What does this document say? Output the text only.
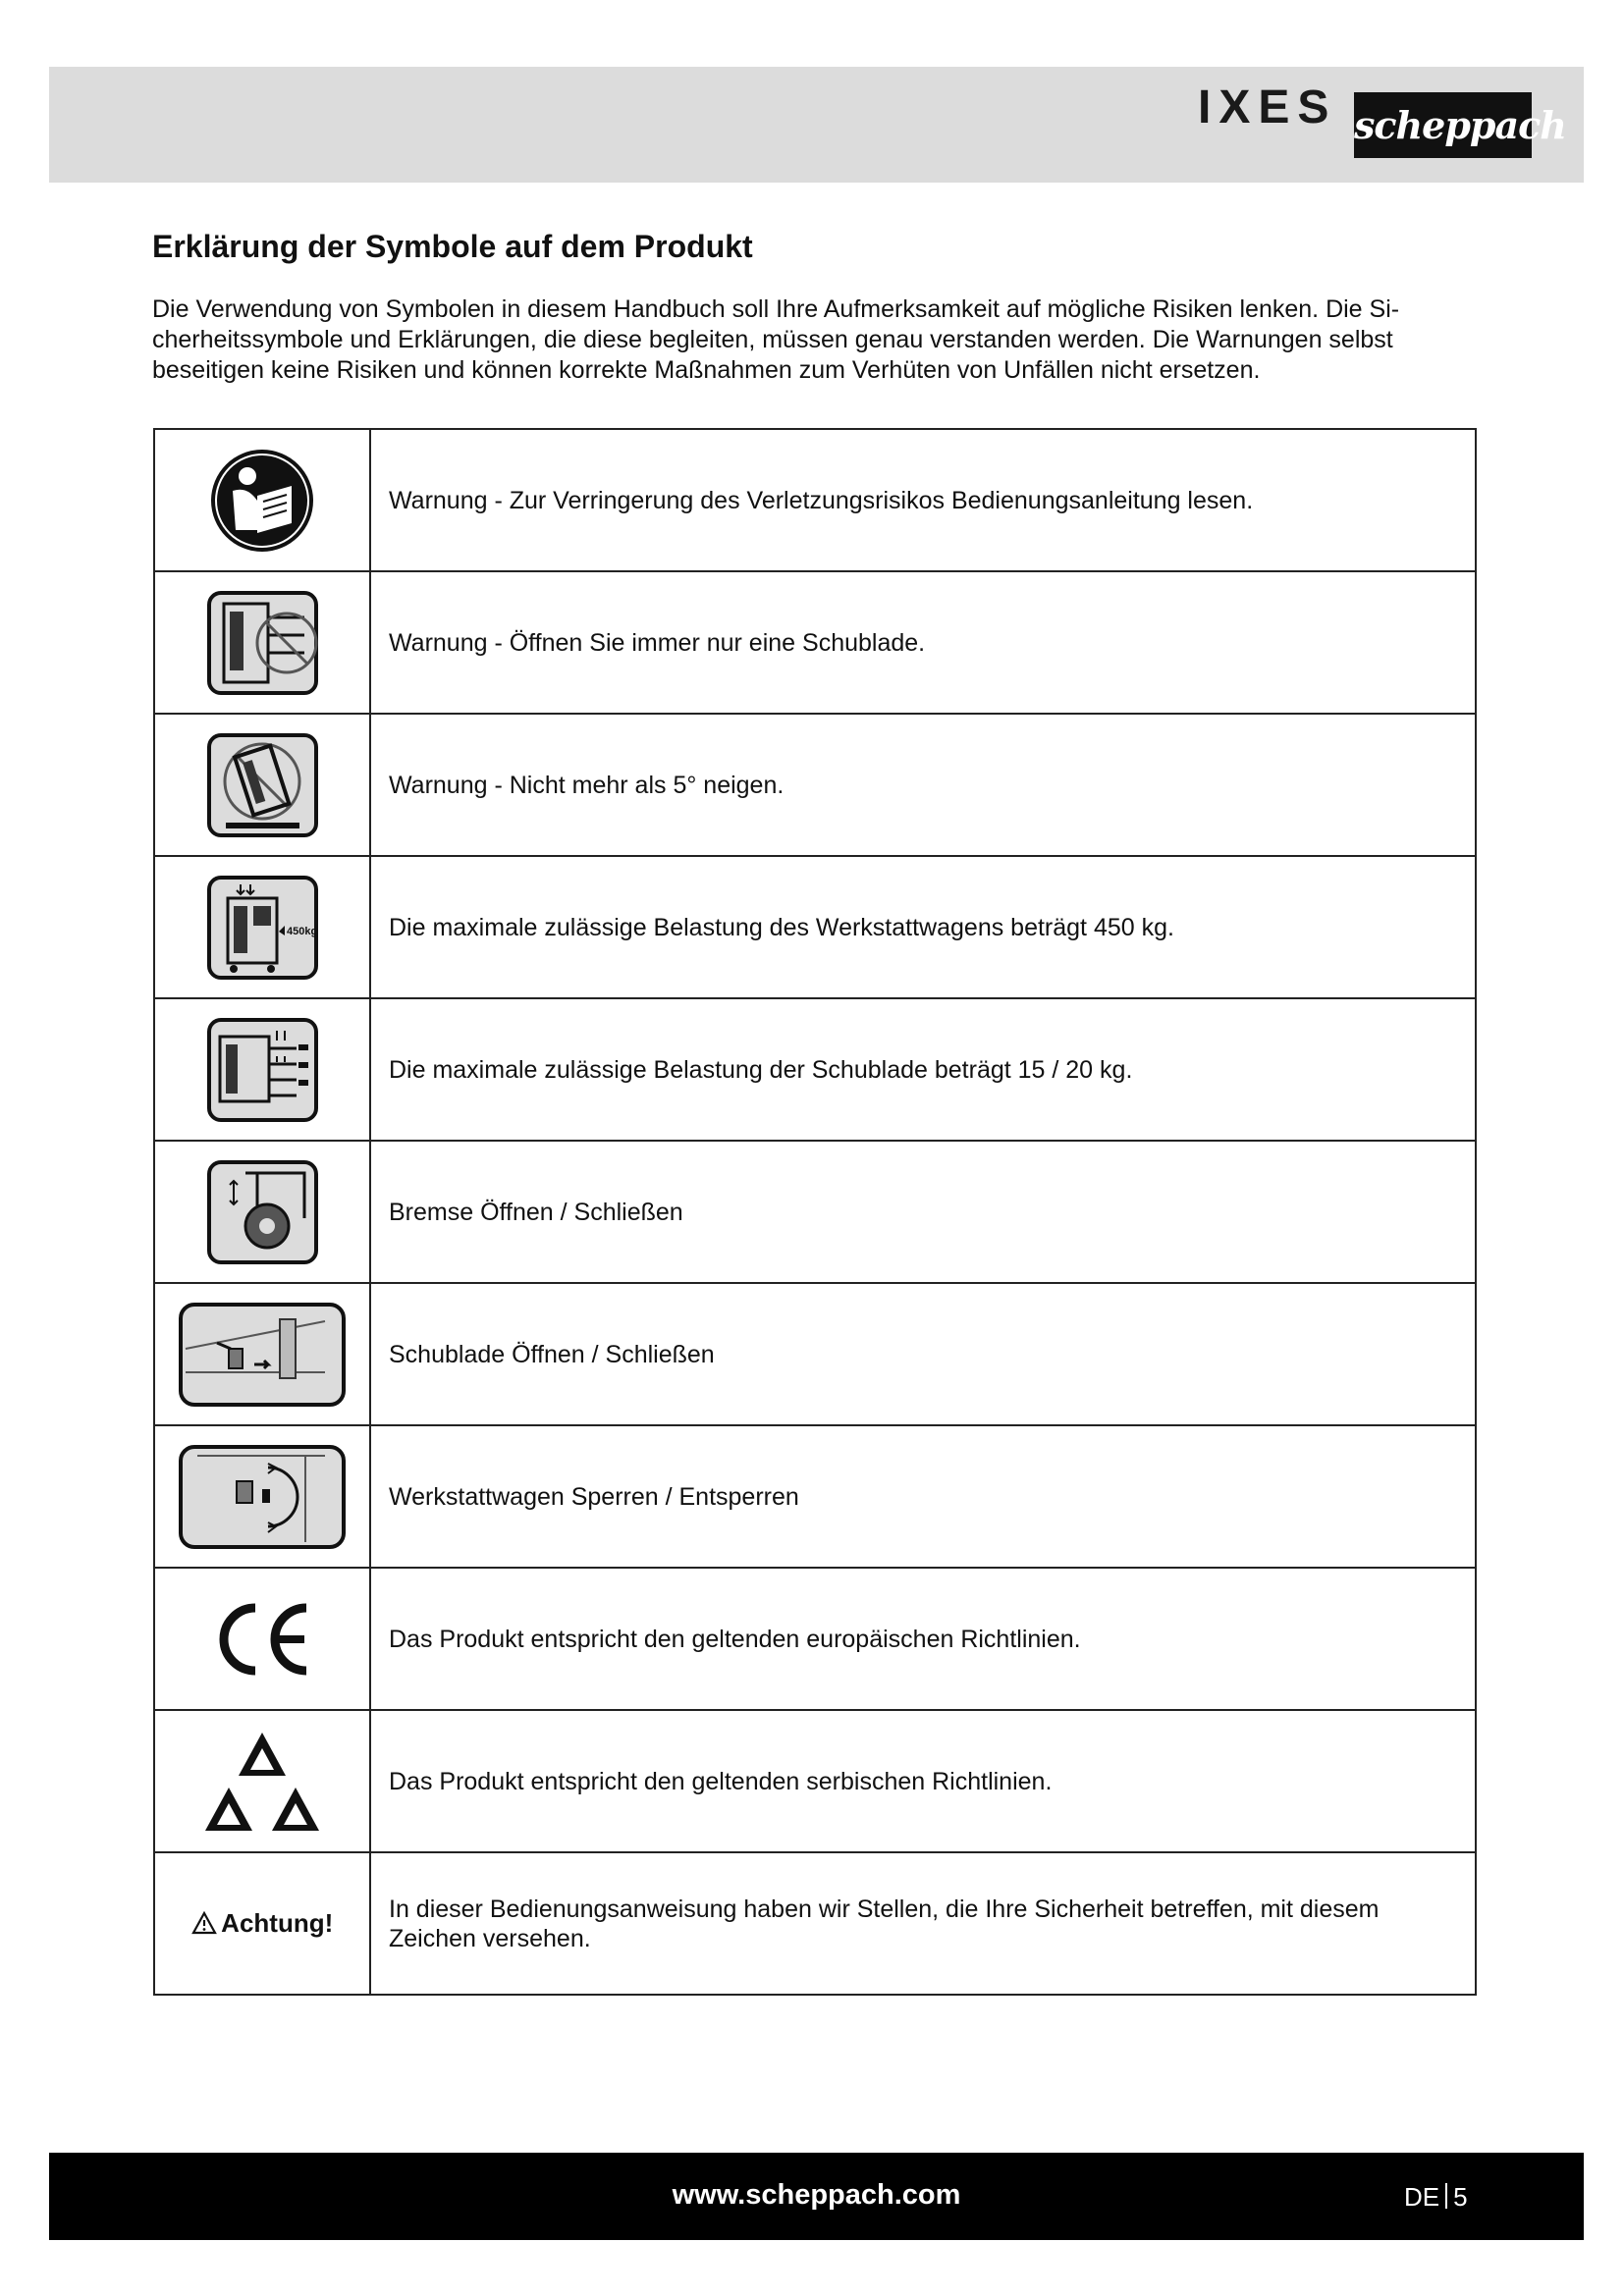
IXES scheppach
Erklärung der Symbole auf dem Produkt

Die Verwendung von Symbolen in diesem Handbuch soll Ihre Aufmerksamkeit auf mögliche Risiken lenken. Die Si-cherheitssymbole und Erklärungen, die diese begleiten, müssen genau verstanden werden. Die Warnungen selbst beseitigen keine Risiken und können korrekte Maßnahmen zum Verhüten von Unfällen nicht ersetzen.

	Warnung - Zur Verringerung des Verletzungsrisikos Bedienungsanleitung lesen.
	Warnung - Öffnen Sie immer nur eine Schublade.
	Warnung - Nicht mehr als 5° neigen.

450kg	Die maximale zulässige Belastung des Werkstattwagens beträgt 450 kg.
	Die maximale zulässige Belastung der Schublade beträgt 15 / 20 kg.
	Bremse Öffnen / Schließen
	Schublade Öffnen / Schließen
	Werkstattwagen Sperren / Entsperren
	Das Produkt entspricht den geltenden europäischen Richtlinien.
	Das Produkt entspricht den geltenden serbischen Richtlinien.
Achtung!	In dieser Bedienungsanweisung haben wir Stellen, die Ihre Sicherheit betreffen, mit diesem Zeichen versehen.
www.scheppach.com	DE 5
